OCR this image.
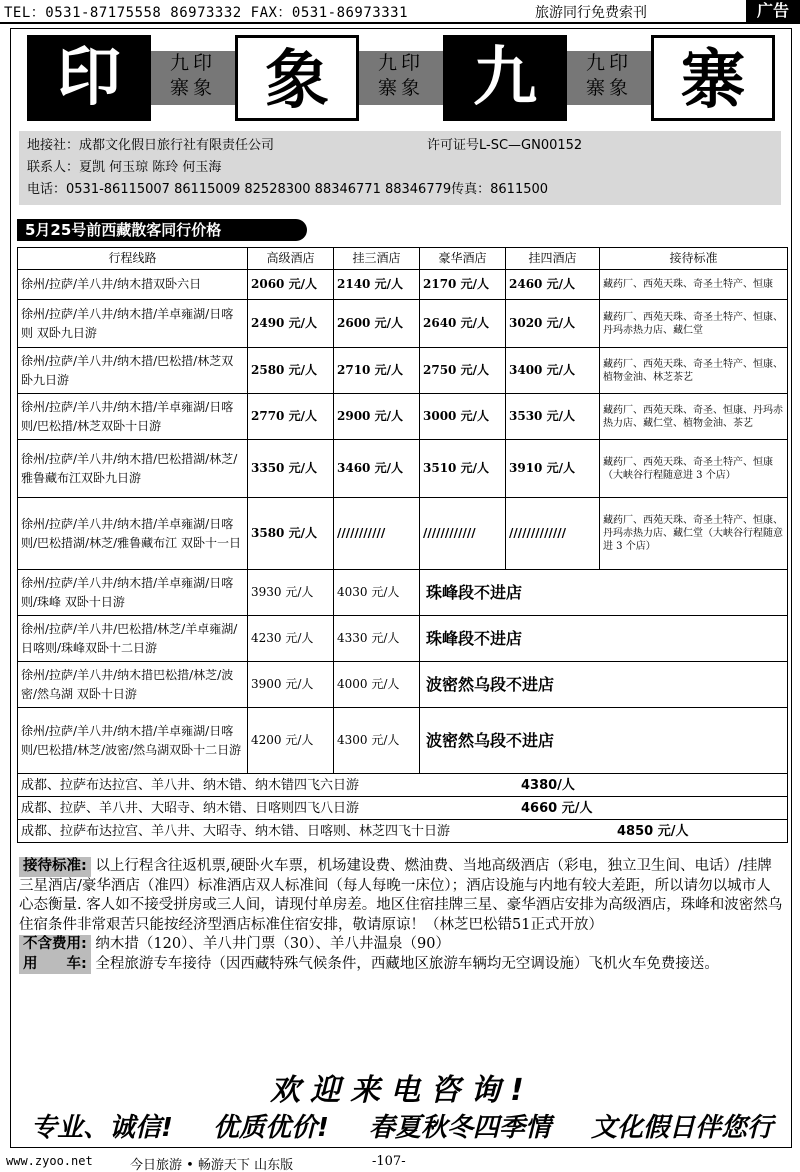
TEL：0531-87175558 86973332 FAX：0531-86973331	旅游同行免费索刊	广告
印	九印
寨象 象	九印
寨象 九	九印
寨象 寨
地接社：成都文化假日旅行社有限责任公司	许可证号L-SC—GN00152
联系人：夏凯 何玉琼 陈玲 何玉海
电话：0531-86115007 86115009 82528300 88346771 88346779传真：8611500
5月25号前西藏散客同行价格
行程线路	高级酒店	挂三酒店	豪华酒店	挂四酒店	接待标准
徐州/拉萨/羊八井/纳木措双卧六日	2060 元/人	2140 元/人	2170 元/人	2460 元/人	藏药厂、西苑天珠、奇圣土特产、恒康
徐州/拉萨/羊八井/纳木措/羊卓雍湖/日喀则 双卧九日游	2490 元/人	2600 元/人	2640 元/人	3020 元/人	藏药厂、西苑天珠、奇圣土特产、恒康、丹玛赤热力店、藏仁堂
徐州/拉萨/羊八井/纳木措/巴松措/林芝双卧九日游	2580 元/人	2710 元/人	2750 元/人	3400 元/人	藏药厂、西苑天珠、奇圣土特产、恒康、植物金油、林芝茶艺
徐州/拉萨/羊八井/纳木措/羊卓雍湖/日喀则/巴松措/林芝双卧十日游	2770 元/人	2900 元/人	3000 元/人	3530 元/人	藏药厂、西苑天珠、奇圣、恒康、丹玛赤热力店、藏仁堂、植物金油、茶艺
徐州/拉萨/羊八井/纳木措/巴松措湖/林芝/雅鲁藏布江双卧九日游	3350 元/人	3460 元/人	3510 元/人	3910 元/人	藏药厂、西苑天珠、奇圣土特产、恒康（大峡谷行程随意进 3 个店）
徐州/拉萨/羊八井/纳木措/羊卓雍湖/日喀则/巴松措湖/林芝/雅鲁藏布江 双卧十一日	3580 元/人	///////////	////////////	/////////////	藏药厂、西苑天珠、奇圣土特产、恒康、丹玛赤热力店、藏仁堂（大峡谷行程随意进 3 个店）
徐州/拉萨/羊八井/纳木措/羊卓雍湖/日喀则/珠峰 双卧十日游	3930 元/人	4030 元/人	珠峰段不进店		
徐州/拉萨/羊八井/巴松措/林芝/羊卓雍湖/日喀则/珠峰双卧十二日游	4230 元/人	4330 元/人	珠峰段不进店		
徐州/拉萨/羊八井/纳木措巴松措/林芝/波密/然乌湖 双卧十日游	3900 元/人	4000 元/人	波密然乌段不进店		
徐州/拉萨/羊八井/纳木措/羊卓雍湖/日喀则/巴松措/林芝/波密/然乌湖双卧十二日游	4200 元/人	4300 元/人	波密然乌段不进店		
成都、拉萨布达拉宫、羊八井、纳木错、纳木错四飞六日游 4380/人					
成都、拉萨、羊八井、大昭寺、纳木错、日喀则四飞八日游 4660 元/人					
成都、拉萨布达拉宫、羊八井、大昭寺、纳木错、日喀则、林芝四飞十日游 4850 元/人					

接待标准: 以上行程含往返机票,硬卧火车票，机场建设费、燃油费、当地高级酒店（彩电，独立卫生间、电话）/挂牌三星酒店/豪华酒店（准四）标准酒店双人标准间（每人每晚一床位）；酒店设施与内地有较大差距，所以请勿以城市人心态衡量. 客人如不接受拼房或三人间，请现付单房差。地区住宿挂牌三星、豪华酒店安排为高级酒店，珠峰和波密然乌住宿条件非常艰苦只能按经济型酒店标准住宿安排，敬请原谅！（林芝巴松错51正式开放）

不含费用: 纳木措（120）、羊八井门票（30）、羊八井温泉（90）

用　　车: 全程旅游专车接待（因西藏特殊气候条件，西藏地区旅游车辆均无空调设施）飞机火车免费接送。

欢迎来电咨询!
专业、诚信! 优质优价! 春夏秋冬四季情 文化假日伴您行
www.zyoo.net	今日旅游 • 畅游天下 山东版	-107-
